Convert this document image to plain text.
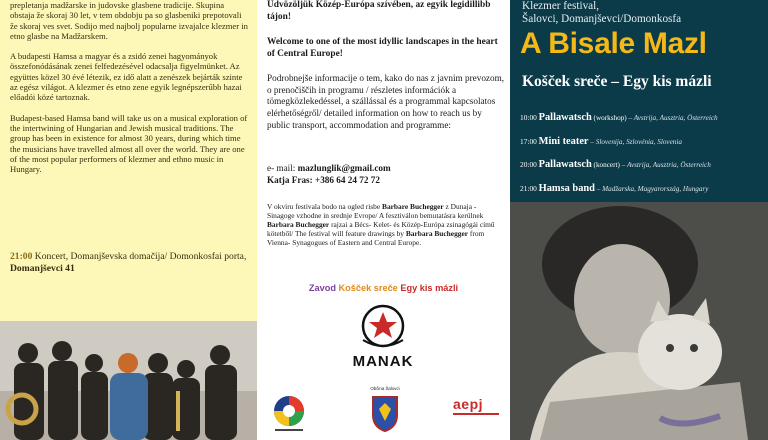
prepletanja madžarske in judovske glasbene tradicije. Skupina obstaja že skoraj 30 let, v tem obdobju pa so glasbeniki prepotovali že skoraj ves svet. Sodijo med najbolj popularne izvajalce klezmer in etno glasbe na Madžarskem.

A budapesti Hamsa a magyar és a zsidó zenei hagyományok összefonódásának zenei felfedezésével odacsalja figyelmünket. Az együttes közel 30 évé létezik, ez idő alatt a zenészek bejárták szinte az egész világot. A klezmer és etno zene egyik legnépszerűbb hazai előadói közé tartoznak.

Budapest-based Hamsa band will take us on a musical exploration of the intertwining of Hungarian and Jewish musical traditions. The group has been in existence for almost 30 years, during which time the musicians have travelled almost all over the world. They are one of the most popular performers of klezmer and ethno music in Hungary.

21:00 Koncert, Domanjševska domačija/ Domonkosfai porta, Domanjševci 41
Üdvözöljük Közép-Európa szívében, az egyik legidillibb tájon!
Welcome to one of the most idyllic landscapes in the heart of Central Europe!
Podrobnejše informacije o tem, kako do nas z javnim prevozom, o prenočiščih in programu / részletes információk a tömegközlekedéssel, a szállással és a programmal kapcsolatos elérhetőségről/ detailed information on how to reach us by public transport, accommodation and programme:
e- mail: mazlunglik@gmail.com
Katja Fras: +386 64 24 72 72
V okviru festivala bodo na ogled risbe Barbare Buchegger z Dunaja - Sinagoge vzhodne in srednje Evrope/ A fesztiválon bemutatásra kerülnek Barbara Buchegger rajzai a Bécs- Kelet- és Közép-Európa zsinagógái című kötetből/ The festival will feature drawings by Barbara Buchegger from Vienna- Synagogues of Eastern and Central Europe.
Zavod Košček sreče Egy kis mázli
MANAK
Občina Šalovci
aepj
Klezmer festival,
Šalovci, Domanjševci/Domonkosfa
A Bisale Mazl
Košček sreče – Egy kis mázli
10:00 Pallawatsch (workshop) – Avstrija, Ausztria, Österreich
17:00 Mini teater – Slovenija, Szlovénia, Slovenia
20:00 Pallawatsch (koncert) – Avstrija, Ausztria, Österreich
21:00 Hamsa band – Madžarska, Magyarország, Hungary
